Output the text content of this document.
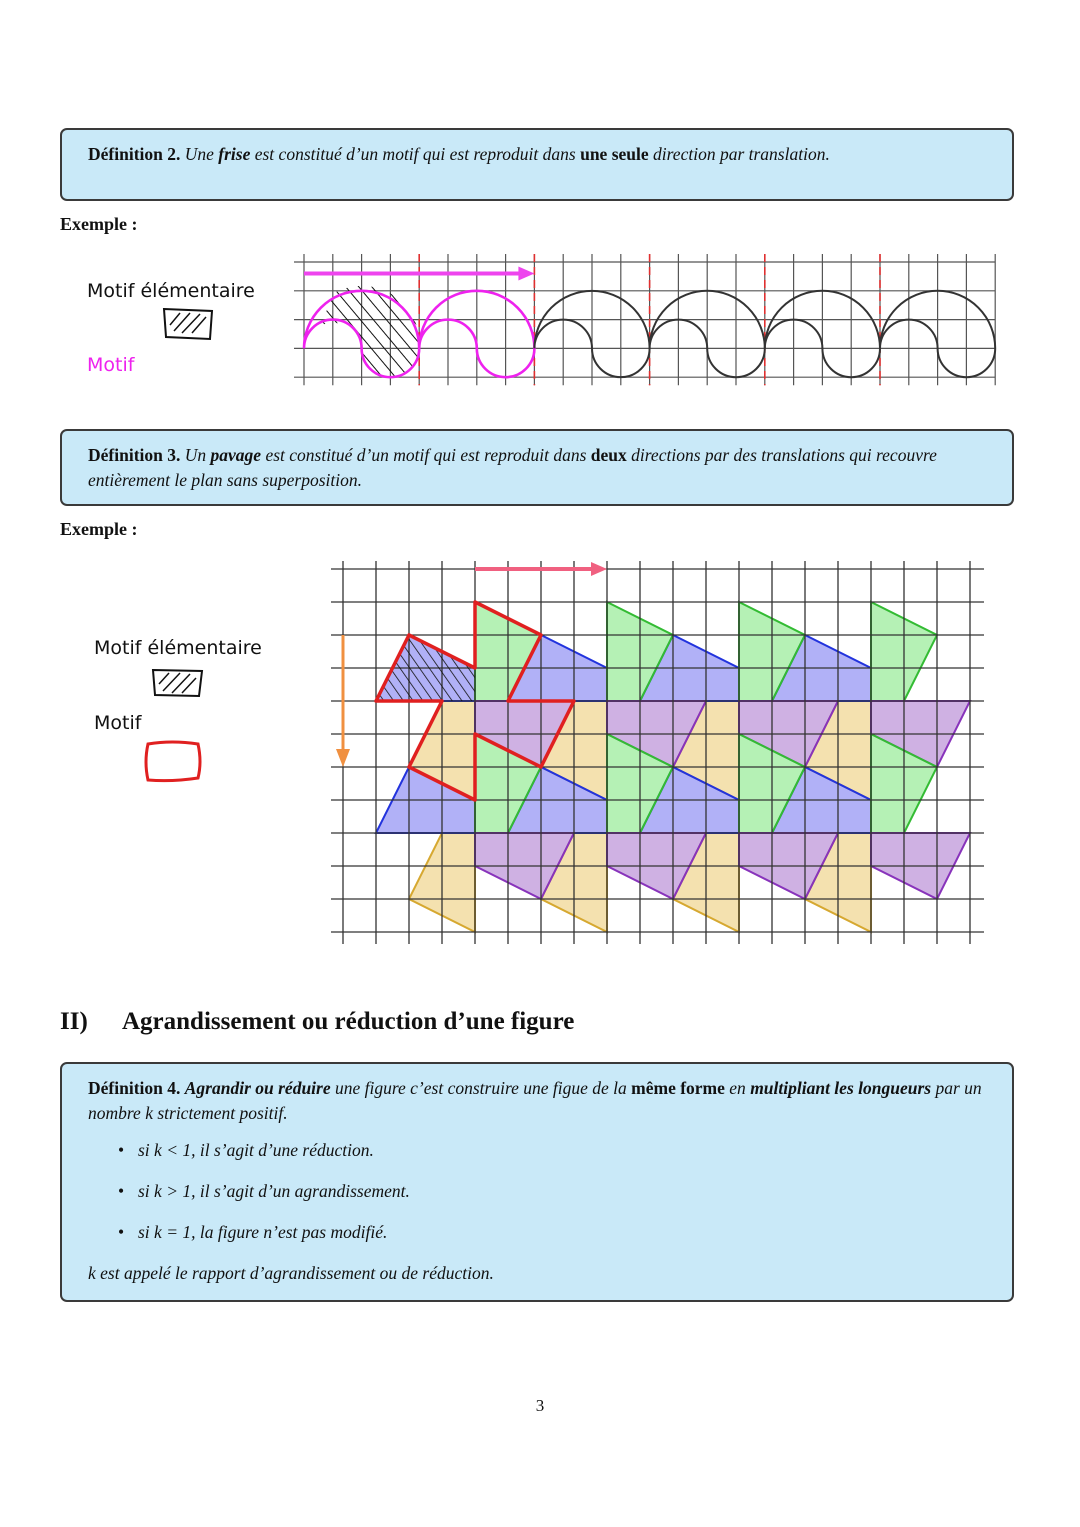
Définition 2. Une frise est constitué d’un motif qui est reproduit dans une seule direction par translation.
Exemple :
Motif élémentaire
Motif
Définition 3. Un pavage est constitué d’un motif qui est reproduit dans deux directions par des translations qui recouvre entièrement le plan sans superposition.
Exemple :
Motif élémentaire
Motif
II) Agrandissement ou réduction d’une figure
Définition 4. Agrandir ou réduire une figure c’est construire une figue de la même forme en multipliant les longueurs par un nombre k strictement positif.
• si k < 1, il s’agit d’une réduction.
• si k > 1, il s’agit d’un agrandissement.
• si k = 1, la figure n’est pas modifié.
k est appelé le rapport d’agrandissement ou de réduction.
3
